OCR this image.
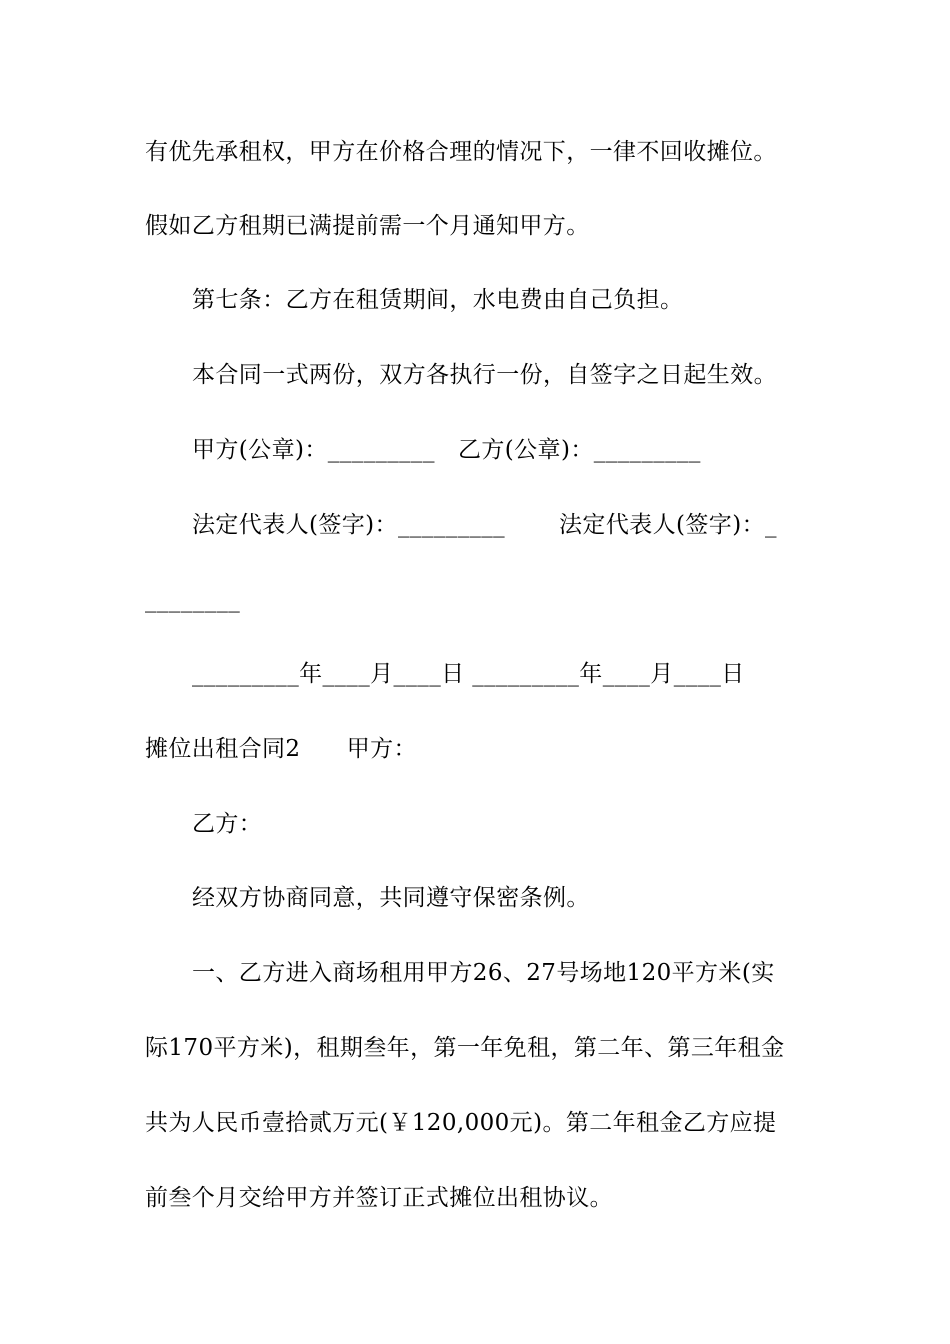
有优先承租权，甲方在价格合理的情况下，一律不回收摊位。
假如乙方租期已满提前需一个月通知甲方。
第七条：乙方在租赁期间，水电费由自己负担。
本合同一式两份，双方各执行一份，自签字之日起生效。
甲方(公章)：_________   乙方(公章)：_________
法定代表人(签字)：_________       法定代表人(签字)：_
________
_________年____月____日 _________年____月____日
摊位出租合同2      甲方：
乙方：
经双方协商同意，共同遵守保密条例。
一、乙方进入商场租用甲方26、27号场地120平方米(实
际170平方米)，租期叁年，第一年免租，第二年、第三年租金
共为人民币壹拾贰万元(￥120,000元)。第二年租金乙方应提
前叁个月交给甲方并签订正式摊位出租协议。
